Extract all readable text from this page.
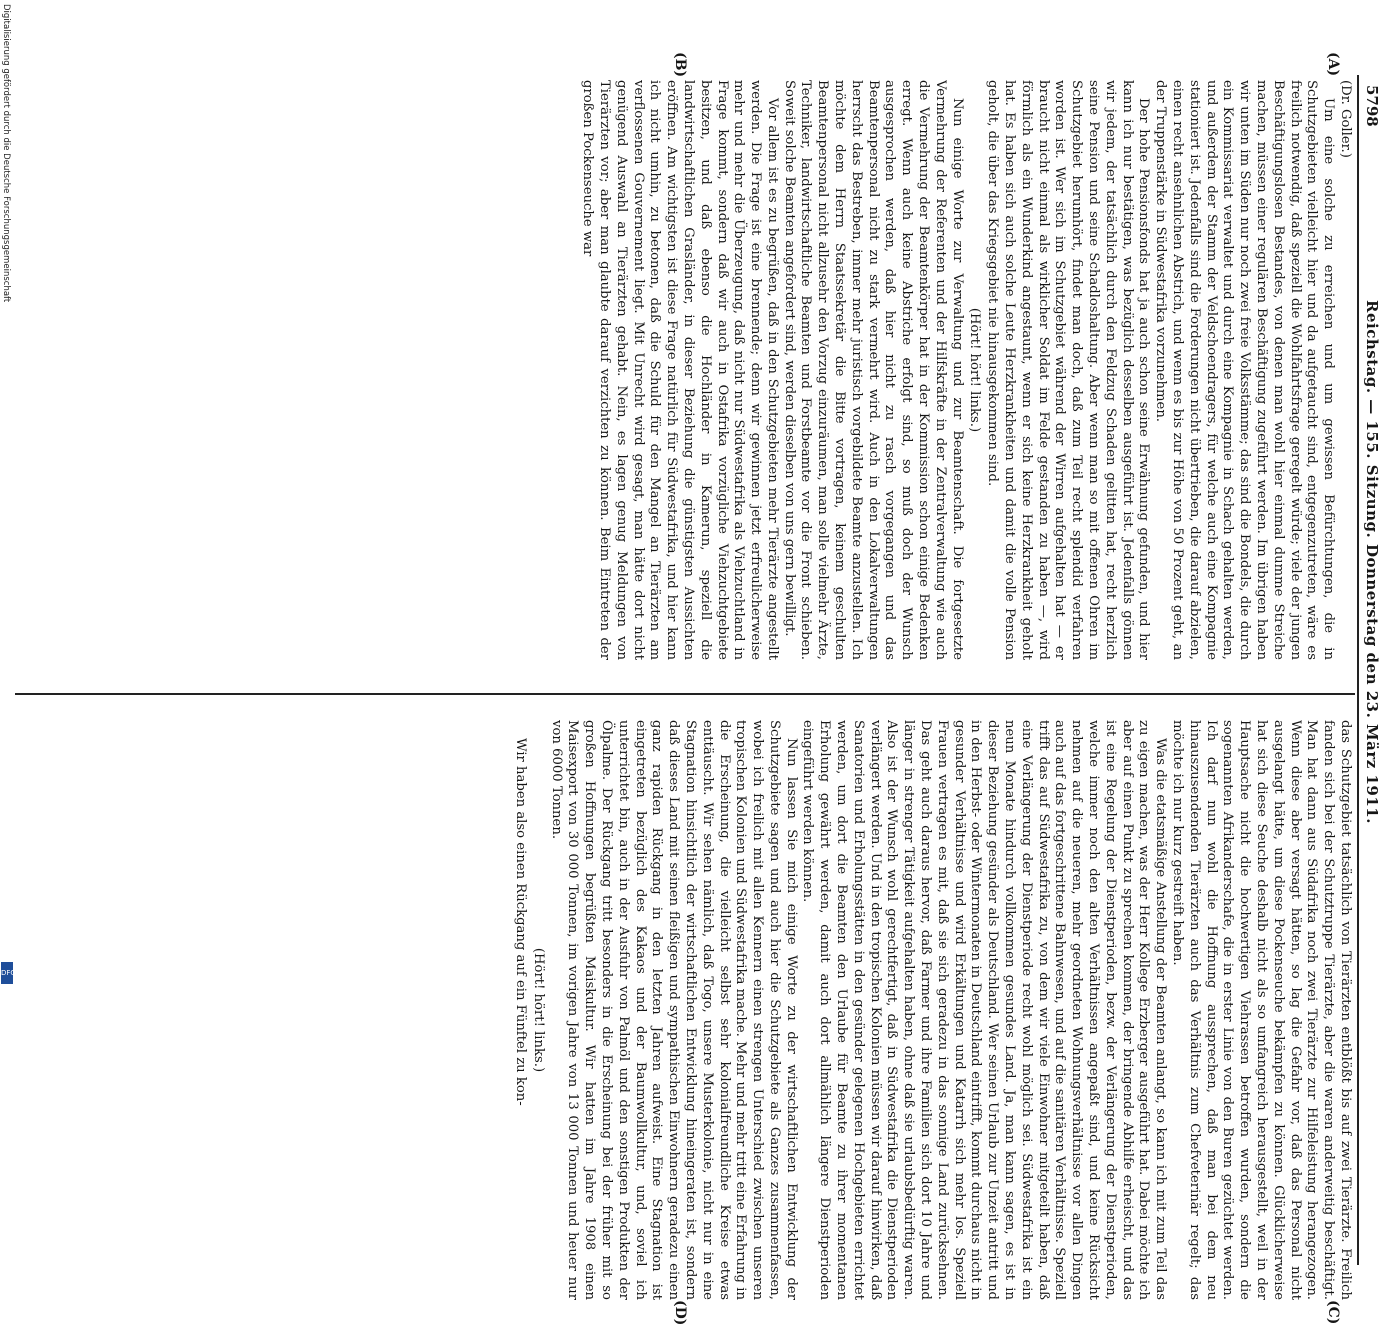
5798
Reichstag. — 155. Sitzung. Donnerstag den 23. März 1911.
(A)
(B)
(C)
(D)

(Dr. Goller.)

Um eine solche zu erreichen und um gewissen Befürchtungen, die in Schutzgebieten vielleicht hier und da aufgetaucht sind, entgegenzutreten, wäre es freilich notwendig, daß speziell die Wohlfahrtsfrage geregelt würde; viele der jungen Beschäftigungslosen Bestandes, von denen man wohl hier einmal dumme Streiche machen, müssen einer regulären Beschäftigung zugeführt werden. Im übrigen haben wir unten im Süden nur noch zwei freie Volksstämme; das sind die Bondels, die durch ein Kommissariat verwaltet und durch eine Kompagnie in Schach gehalten werden, und außerdem der Stamm der Veldschoendragers, für welche auch eine Kompagnie stationiert ist. Jedenfalls sind die Forderungen nicht übertrieben, die darauf abzielen, einen recht ansehnlichen Abstrich, und wenn es bis zur Höhe von 50 Prozent geht, an der Truppenstärke in Südwestafrika vorzunehmen.

Der hohe Pensionsfonds hat ja auch schon seine Erwähnung gefunden, und hier kann ich nur bestätigen, was bezüglich desselben ausgeführt ist. Jedenfalls gönnen wir jedem, der tatsächlich durch den Feldzug Schaden gelitten hat, recht herzlich seine Pension und seine Schadloshaltung. Aber wenn man so mit offenen Ohren im Schutzgebiet herumhört, findet man doch, daß zum Teil recht splendid verfahren worden ist. Wer sich im Schutzgebiet während der Wirren aufgehalten hat — er braucht nicht einmal als wirklicher Soldat im Felde gestanden zu haben —, wird förmlich als ein Wunderkind angestaunt, wenn er sich keine Herzkrankheit geholt hat. Es haben sich auch solche Leute Herzkrankheiten und damit die volle Pension geholt, die über das Kriegsgebiet nie hinausgekommen sind.

(Hört! hört! links.)

Nun einige Worte zur Verwaltung und zur Beamtenschaft. Die fortgesetzte Vermehrung der Referenten und der Hilfskräfte in der Zentralverwaltung wie auch die Vermehrung der Beamtenkörper hat in der Kommission schon einige Bedenken erregt. Wenn auch keine Abstriche erfolgt sind, so muß doch der Wunsch ausgesprochen werden, daß hier nicht zu rasch vorgegangen und das Beamtenpersonal nicht zu stark vermehrt wird. Auch in den Lokalverwaltungen herrscht das Bestreben, immer mehr juristisch vorgebildete Beamte anzustellen. Ich möchte dem Herrn Staatssekretär die Bitte vortragen, keinem geschulten Beamtenpersonal nicht allzusehr den Vorzug einzuräumen, man solle vielmehr Ärzte, Techniker, landwirtschaftliche Beamten und Forstbeamte vor die Front schieben. Soweit solche Beamten angefordert sind, werden dieselben von uns gern bewilligt.

Vor allem ist es zu begrüßen, daß in den Schutzgebieten mehr Tierärzte angestellt werden. Die Frage ist eine brennende; denn wir gewinnen jetzt erfreulicherweise mehr und mehr die Überzeugung, daß nicht nur Südwestafrika als Viehzuchtland in Frage kommt, sondern daß wir auch in Ostafrika vorzügliche Viehzuchtgebiete besitzen, und daß ebenso die Hochländer in Kamerun, speziell die landwirtschaftlichen Grasländer, in dieser Beziehung die günstigsten Aussichten eröffnen. Am wichtigsten ist diese Frage natürlich für Südwestafrika, und hier kann ich nicht umhin, zu betonen, daß die Schuld für den Mangel an Tierärzten am verflossenen Gouvernement liegt. Mit Unrecht wird gesagt, man hätte dort nicht genügend Auswahl an Tierärzten gehabt. Nein, es lagen genug Meldungen von Tierärzten vor; aber man glaubte darauf verzichten zu können. Beim Eintreten der großen Pockenseuche war

das Schutzgebiet tatsächlich von Tierärzten entblößt bis auf zwei Tierärzte. Freilich fanden sich bei der Schutztruppe Tierärzte, aber die waren anderweitig beschäftigt. Man hat dann aus Südafrika noch zwei Tierärzte zur Hilfeleistung herangezogen. Wenn diese aber versagt hätten, so lag die Gefahr vor, daß das Personal nicht ausgelangt hätte, um diese Pockenseuche bekämpfen zu können. Glücklicherweise hat sich diese Seuche deshalb nicht als so umfangreich herausgestellt, weil in der Hauptsache nicht die hochwertigen Viehrassen betroffen wurden, sondern die sogenannten Afrikanderschafe, die in erster Linie von den Buren gezüchtet werden. Ich darf nun wohl die Hoffnung aussprechen, daß man bei dem neu hinauszusendenden Tierärzten auch das Verhältnis zum Chefveterinär regelt; das möchte ich nur kurz gestreift haben.

Was die etatsmäßige Anstellung der Beamten anlangt, so kann ich mit zum Teil das zu eigen machen, was der Herr Kollege Erzberger ausgeführt hat. Dabei möchte ich aber auf einen Punkt zu sprechen kommen, der bringende Abhilfe erheischt, und das ist eine Regelung der Dienstperioden, bezw. der Verlängerung der Dienstperioden, welche immer noch den alten Verhältnissen angepaßt sind, und keine Rücksicht nehmen auf die neueren, mehr geordneten Wohnungsverhältnisse vor allen Dingen auch auf das fortgeschrittene Bahnwesen, und auf die sanitären Verhältnisse. Speziell trifft das auf Südwestafrika zu, von dem wir viele Einwohner mitgeteilt haben, daß eine Verlängerung der Dienstperiode recht wohl möglich sei. Südwestafrika ist ein neun Monate hindurch vollkommen gesundes Land. Ja, man kann sagen, es ist in dieser Beziehung gesünder als Deutschland. Wer seinen Urlaub zur Unzeit antritt und in den Herbst- oder Wintermonaten in Deutschland eintrifft, kommt durchaus nicht in gesunder Verhältnisse und wird Erkältungen und Katarrh sich mehr los. Speziell Frauen vertragen es mit, daß sie sich geradezu in das sonnige Land zurücksehnen. Das geht auch daraus hervor, daß Farmer und ihre Familien sich dort 10 Jahre und länger in strenger Tätigkeit aufgehalten haben, ohne daß sie urlaubsbedürftig waren. Also ist der Wunsch wohl gerechtfertigt, daß in Südwestafrika die Dienstperioden verlängert werden. Und in den tropischen Kolonien müssen wir darauf hinwirken, daß Sanatorien und Erholungsstätten in den gesünder gelegenen Hochgebieten errichtet werden, um dort die Beamten den Urlaube für Beamte zu ihrer momentanen Erholung gewährt werden, damit auch dort allmählich längere Dienstperioden eingeführt werden können.

Nun lassen Sie mich einige Worte zu der wirtschaftlichen Entwicklung der Schutzgebiete sagen und auch hier die Schutzgebiete als Ganzes zusammenfassen, wobei ich freilich mit allen Kennern einen strengen Unterschied zwischen unseren tropischen Kolonien und Südwestafrika mache. Mehr und mehr tritt eine Erfahrung in die Erscheinung, die vielleicht selbst sehr kolonialfreundliche Kreise etwas enttäuscht. Wir sehen nämlich, daß Togo, unsere Musterkolonie, nicht nur in eine Stagnation hinsichtlich der wirtschaftlichen Entwicklung hineingeraten ist, sondern daß dieses Land mit seinen fleißigen und sympathischen Einwohnern geradezu einen ganz rapiden Rückgang in den letzten Jahren aufweist. Eine Stagnation ist eingetreten bezüglich des Kakaos und der Baumwollkultur, und, soviel ich unterrichtet bin, auch in der Ausfuhr von Palmöl und den sonstigen Produkten der Ölpalme. Der Rückgang tritt besonders in die Erscheinung bei der früher mit so großen Hoffnungen begrüßten Maiskultur. Wir hatten im Jahre 1908 einen Maisexport von 30 000 Tonnen, im vorigen Jahre von 13 000 Tonnen und heuer nur von 6000 Tonnen.

(Hört! hört! links.)

Wir haben also einen Rückgang auf ein Fünftel zu kon-

Digitalisierung gefördert durch die Deutsche Forschungsgemeinschaft
DFG
